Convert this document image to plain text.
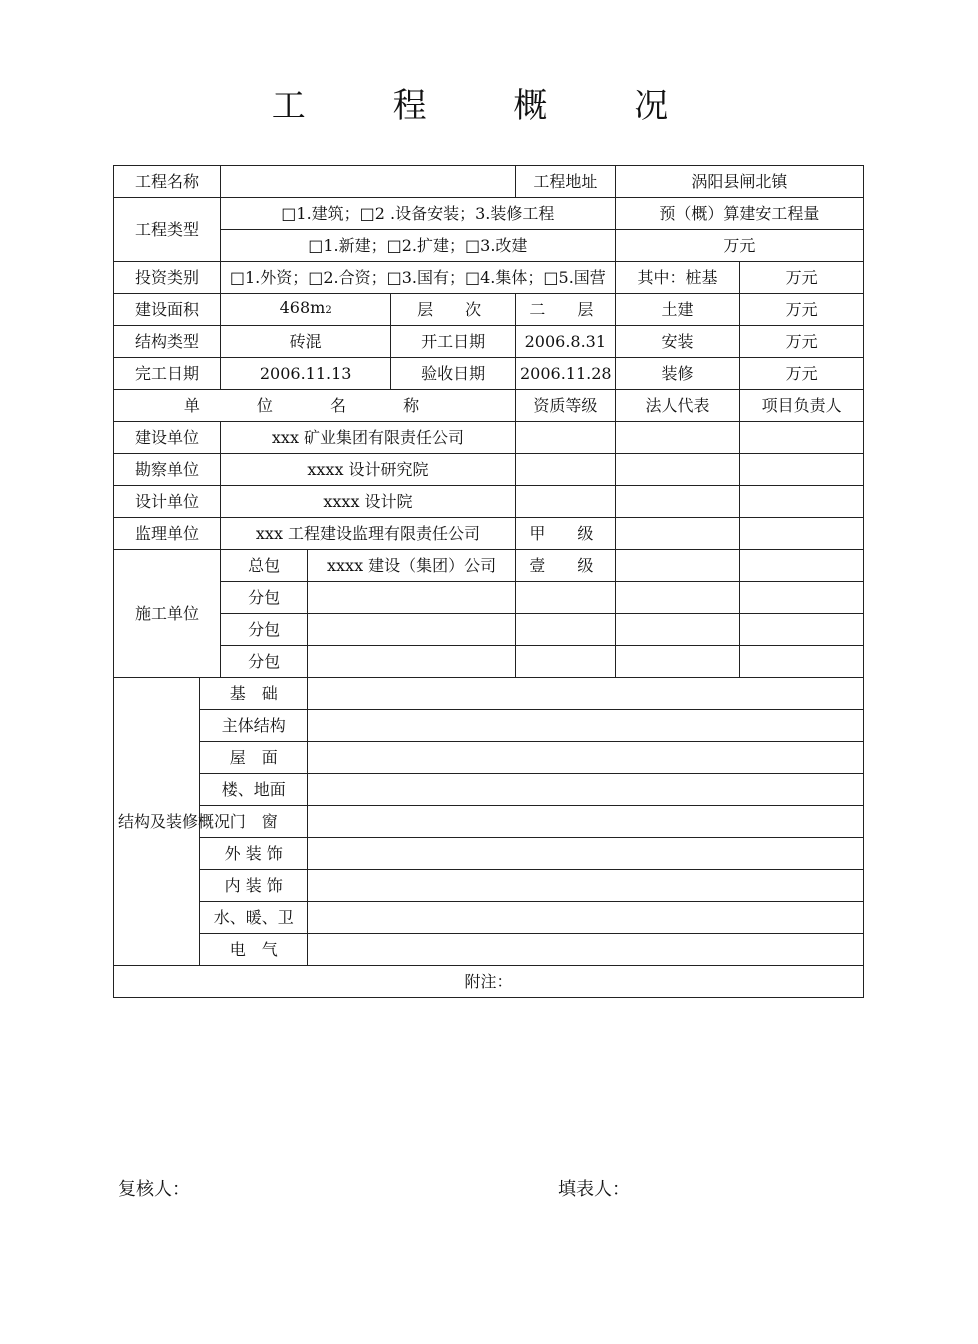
工 程 概 况
工程名称					工程地址	涡阳县闸北镇	
工程类型		□1.建筑；□2 .设备安装；3.装修工程				预（概）算建安工程量	
		□1.新建；□2.扩建；□3.改建				万元	
投资类别		□1.外资；□2.合资；□3.国有；□4.集体；□5.国营				其中：桩基	万元
建设面积		468m2		层　次	二　层	土建	万元
结构类型		砖混		开工日期	2006.8.31	安装	万元
完工日期		2006.11.13		验收日期	2006.11.28	装修	万元
单 位 名 称					资质等级	法人代表	项目负责人
建设单位		xxx 矿业集团有限责任公司					
勘察单位		xxxx 设计研究院					
设计单位		xxxx 设计院					
监理单位		xxx 工程建设监理有限责任公司			甲　级		
施工单位		总包	xxxx 建设（集团）公司		壹　级		
		分包					
		分包					
		分包					
结构及装修概况	基　础						
	主体结构						
	屋　面						
	楼、地面						
	门　窗						
	外 装 饰						
	内 装 饰						
	水、暖、卫						
	电　气						
附注：							
复核人：	填表人：
